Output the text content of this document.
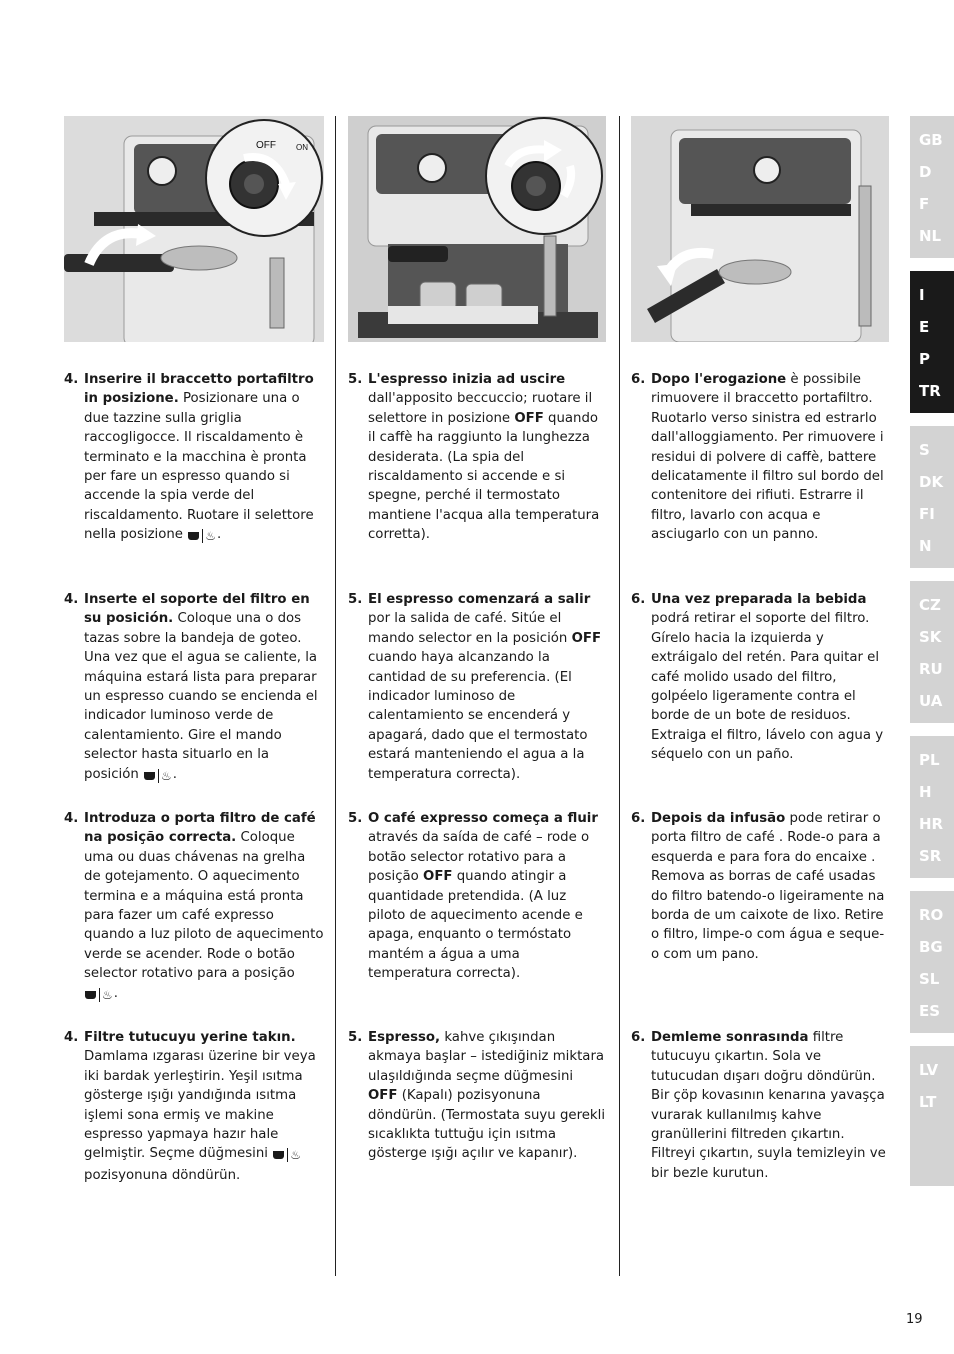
OFF	ON
4. Inserire il braccetto portafiltro in posizione. Posizionare una o due tazzine sulla griglia raccogligocce. Il riscaldamento è terminato e la macchina è pronta per fare un espresso quando si accende la spia verde del riscaldamento. Ruotare il selettore nella posizione ♨.
4. Inserte el soporte del filtro en su posición. Coloque una o dos tazas sobre la bandeja de goteo. Una vez que el agua se caliente, la máquina estará lista para preparar un espresso cuando se encienda el indicador luminoso verde de calentamiento. Gire el mando selector hasta situarlo en la posición ♨.
4. Introduza o porta filtro de café na posição correcta. Coloque uma ou duas chávenas na grelha de gotejamento. O aquecimento termina e a máquina está pronta para fazer um café expresso quando a luz piloto de aquecimento verde se acender. Rode o botão selector rotativo para a posição ♨.
4. Filtre tutucuyu yerine takın. Damlama ızgarası üzerine bir veya iki bardak yerleştirin. Yeşil ısıtma gösterge ışığı yandığında ısıtma işlemi sona ermiş ve makine espresso yapmaya hazır hale gelmiştir. Seçme düğmesini ♨ pozisyonuna döndürün.
5. L'espresso inizia ad uscire dall'apposito beccuccio; ruotare il selettore in posizione OFF quando il caffè ha raggiunto la lunghezza desiderata. (La spia del riscaldamento si accende e si spegne, perché il termostato mantiene l'acqua alla temperatura corretta).
5. El espresso comenzará a salir por la salida de café. Sitúe el mando selector en la posición OFF cuando haya alcanzando la cantidad de su preferencia. (El indicador luminoso de calentamiento se encenderá y apagará, dado que el termostato estará manteniendo el agua a la temperatura correcta).
5. O café expresso começa a fluir através da saída de café – rode o botão selector rotativo para a posição OFF quando atingir a quantidade pretendida. (A luz piloto de aquecimento acende e apaga, enquanto o termóstato mantém a água a uma temperatura correcta).
5. Espresso, kahve çıkışından akmaya başlar – istediğiniz miktara ulaşıldığında seçme düğmesini OFF (Kapalı) pozisyonuna döndürün. (Termostata suyu gerekli sıcaklıkta tuttuğu için ısıtma gösterge ışığı açılır ve kapanır).
6. Dopo l'erogazione è possibile rimuovere il braccetto portafiltro. Ruotarlo verso sinistra ed estrarlo dall'alloggiamento. Per rimuovere i residui di polvere di caffè, battere delicatamente il filtro sul bordo del contenitore dei rifiuti. Estrarre il filtro, lavarlo con acqua e asciugarlo con un panno.
6. Una vez preparada la bebida podrá retirar el soporte del filtro. Gírelo hacia la izquierda y extráigalo del retén. Para quitar el café molido usado del filtro, golpéelo ligeramente contra el borde de un bote de residuos. Extraiga el filtro, lávelo con agua y séquelo con un paño.
6. Depois da infusão pode retirar o porta filtro de café . Rode-o para a esquerda e para fora do encaixe . Remova as borras de café usadas do filtro batendo-o ligeiramente na borda de um caixote de lixo. Retire o filtro, limpe-o com água e seque-o com um pano.
6. Demleme sonrasında filtre tutucuyu çıkartın. Sola ve tutucudan dışarı doğru döndürün. Bir çöp kovasının kenarına yavaşça vurarak kullanılmış kahve granüllerini filtreden çıkartın. Filtreyi çıkartın, suyla temizleyin ve bir bezle kurutun.
GB
D
F
NL
I
E
P
TR
S
DK
FI
N
CZ
SK
RU
UA
PL
H
HR
SR
RO
BG
SL
ES
LV
LT
19
